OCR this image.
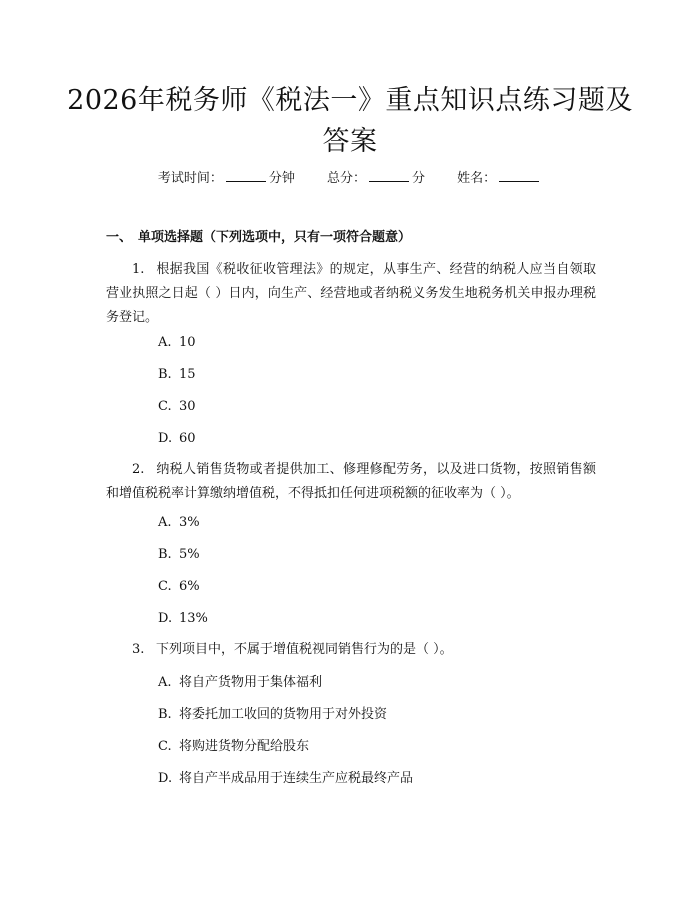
2026年税务师《税法一》重点知识点练习题及答案
考试时间：	分钟 总分：	分 姓名：
一、 单项选择题（下列选项中，只有一项符合题意）
1. 根据我国《税收征收管理法》的规定，从事生产、经营的纳税人应当自领取营业执照之日起（ ）日内，向生产、经营地或者纳税义务发生地税务机关申报办理税务登记。
A. 10
B. 15
C. 30
D. 60
2. 纳税人销售货物或者提供加工、修理修配劳务，以及进口货物，按照销售额和增值税税率计算缴纳增值税，不得抵扣任何进项税额的征收率为（ ）。
A. 3%
B. 5%
C. 6%
D. 13%
3. 下列项目中，不属于增值税视同销售行为的是（ ）。
A. 将自产货物用于集体福利
B. 将委托加工收回的货物用于对外投资
C. 将购进货物分配给股东
D. 将自产半成品用于连续生产应税最终产品
